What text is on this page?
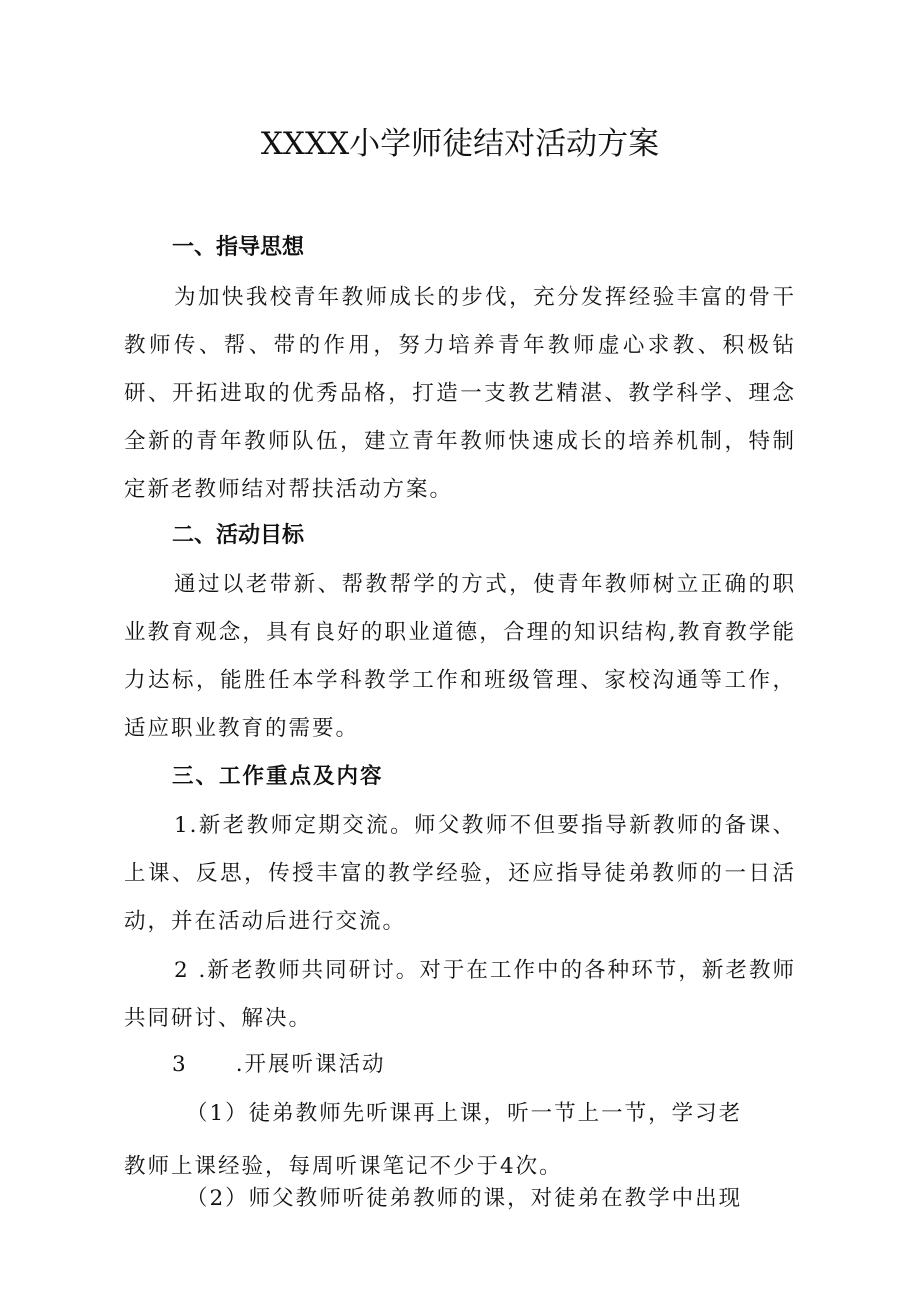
XXXX小学师徒结对活动方案
一、指导思想

为加快我校青年教师成长的步伐，充分发挥经验丰富的骨干教师传、帮、带的作用，努力培养青年教师虚心求教、积极钻研、开拓进取的优秀品格，打造一支教艺精湛、教学科学、理念全新的青年教师队伍，建立青年教师快速成长的培养机制，特制定新老教师结对帮扶活动方案。

二、活动目标

通过以老带新、帮教帮学的方式，使青年教师树立正确的职业教育观念，具有良好的职业道德，合理的知识结构,教育教学能力达标，能胜任本学科教学工作和班级管理、家校沟通等工作，适应职业教育的需要。

三、工作重点及内容

1.新老教师定期交流。师父教师不但要指导新教师的备课、上课、反思，传授丰富的教学经验，还应指导徒弟教师的一日活动，并在活动后进行交流。

2 .新老教师共同研讨。对于在工作中的各种环节，新老教师共同研讨、解决。

3 .开展听课活动

（1）徒弟教师先听课再上课，听一节上一节，学习老

教师上课经验，每周听课笔记不少于4次。

（2）师父教师听徒弟教师的课，对徒弟在教学中出现
